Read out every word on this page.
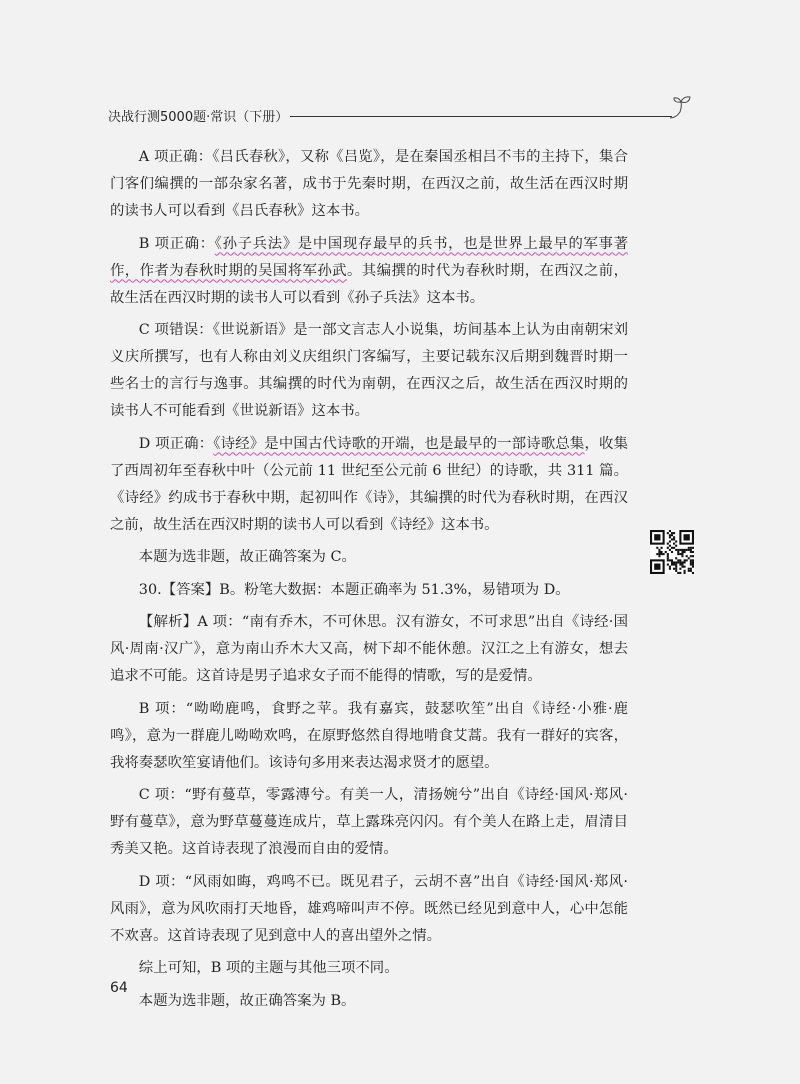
决战行测5000题·常识（下册）

A 项正确：《吕氏春秋》，又称《吕览》，是在秦国丞相吕不韦的主持下，集合门客们编撰的一部杂家名著，成书于先秦时期，在西汉之前，故生活在西汉时期的读书人可以看到《吕氏春秋》这本书。

B 项正确：《孙子兵法》是中国现存最早的兵书，也是世界上最早的军事著作，作者为春秋时期的吴国将军孙武。其编撰的时代为春秋时期，在西汉之前，故生活在西汉时期的读书人可以看到《孙子兵法》这本书。

C 项错误：《世说新语》是一部文言志人小说集，坊间基本上认为由南朝宋刘义庆所撰写，也有人称由刘义庆组织门客编写，主要记载东汉后期到魏晋时期一些名士的言行与逸事。其编撰的时代为南朝，在西汉之后，故生活在西汉时期的读书人不可能看到《世说新语》这本书。

D 项正确：《诗经》是中国古代诗歌的开端，也是最早的一部诗歌总集，收集了西周初年至春秋中叶（公元前 11 世纪至公元前 6 世纪）的诗歌，共 311 篇。《诗经》约成书于春秋中期，起初叫作《诗》，其编撰的时代为春秋时期，在西汉之前，故生活在西汉时期的读书人可以看到《诗经》这本书。

本题为选非题，故正确答案为 C。

30.【答案】B。粉笔大数据：本题正确率为 51.3%，易错项为 D。

【解析】A 项：“南有乔木，不可休思。汉有游女，不可求思”出自《诗经·国风·周南·汉广》，意为南山乔木大又高，树下却不能休憩。汉江之上有游女，想去追求不可能。这首诗是男子追求女子而不能得的情歌，写的是爱情。

B 项：“呦呦鹿鸣，食野之苹。我有嘉宾，鼓瑟吹笙”出自《诗经·小雅·鹿鸣》，意为一群鹿儿呦呦欢鸣，在原野悠然自得地啃食艾蒿。我有一群好的宾客，我将奏瑟吹笙宴请他们。该诗句多用来表达渴求贤才的愿望。

C 项：“野有蔓草，零露漙兮。有美一人，清扬婉兮”出自《诗经·国风·郑风·野有蔓草》，意为野草蔓蔓连成片，草上露珠亮闪闪。有个美人在路上走，眉清目秀美又艳。这首诗表现了浪漫而自由的爱情。

D 项：“风雨如晦，鸡鸣不已。既见君子，云胡不喜”出自《诗经·国风·郑风·风雨》，意为风吹雨打天地昏，雄鸡啼叫声不停。既然已经见到意中人，心中怎能不欢喜。这首诗表现了见到意中人的喜出望外之情。

综上可知，B 项的主题与其他三项不同。

本题为选非题，故正确答案为 B。

64
